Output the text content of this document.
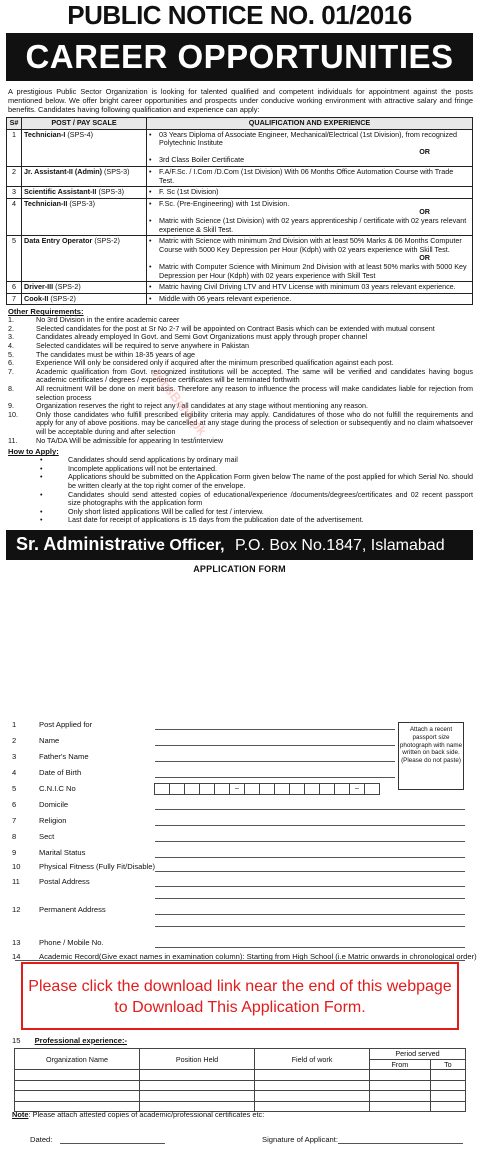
PUBLIC NOTICE NO. 01/2016
CAREER OPPORTUNITIES
A prestigious Public Sector Organization is looking for talented qualified and competent individuals for appointment against the posts mentioned below. We offer bright career opportunities and prospects under conducive working environment with attractive salary and fringe benefits. Candidates having following qualification and experience can apply:
S#	POST / PAY SCALE	QUALIFICATION AND EXPERIENCE
1	Technician-I (SPS-4)	• 03 Years Diploma of Associate Engineer, Mechanical/Electrical (1st Division), from recognized Polytechnic Institute
OR
• 3rd Class Boiler Certificate

2	Jr. Assistant-II (Admin) (SPS-3)	• F.A/F.Sc. / I.Com /D.Com (1st Division) With 06 Months Office Automation Course with Trade Test.

3	Scientific Assistant-II (SPS-3)	• F. Sc (1st Division)

4	Technician-II (SPS-3)	• F.Sc. (Pre-Engineering) with 1st Division.
OR
• Matric with Science (1st Division) with 02 years apprenticeship / certificate with 02 years relevant experience & Skill Test.

5	Data Entry Operator (SPS-2)	• Matric with Science with minimum 2nd Division with at least 50% Marks & 06 Months Computer Course with 5000 Key Depression per Hour (Kdph) with 02 years experience with Skill Test.
OR
• Matric with Computer Science with Minimum 2nd Division with at least 50% marks with 5000 Key Depression per Hour (Kdph) with 02 years experience with Skill Test

6	Driver-III (SPS-2)	• Matric having Civil Driving LTV and HTV License with minimum 03 years relevant experience.

7	Cook-II (SPS-2)	• Middle with 06 years relevant experience.
Other Requirements:
1.	No 3rd Division in the entire academic career
2.	Selected candidates for the post at Sr No 2-7 will be appointed on Contract Basis which can be extended with mutual consent
3.	Candidates already employed In Govt. and Semi Govt Organizations must apply through proper channel
4.	Selected candidates will be required to serve anywhere in Pakistan
5.	The candidates must be within 18-35 years of age
6.	Experience Will only be considered only if acquired after the minimum prescribed qualification against each post.
7.	Academic qualification from Govt. recognized institutions will be accepted. The same will be verified and candidates having bogus academic certificates / degrees / experience certificates will be terminated forthwith
8.	All recruitment Will be done on merit basis. Therefore any reason to influence the process will make candidates liable for rejection from selection process
9.	Organization reserves the right to reject any / all candidates at any stage without mentioning any reason.
10.	Only those candidates who fulfill prescribed eligibility criteria may apply. Candidatures of those who do not fulfill the requirements and apply for any of above positions. may be cancelled at any stage during the process of selection or subsequently and no claim whatsoever will be acceptable during and after selection
11.	No TA/DA Will be admissible for appearing In test/interview
How to Apply:
•	Candidates should send applications by ordinary mail
•	Incomplete applications will not be entertained.
•	Applications should be submitted on the Application Form given below The name of the post applied for which Serial No. should be written clearly at the top right corner of the envelope.
•	Candidates should send attested copies of educational/experience /documents/degrees/certificates and 02 recent passport size photographs with the application form
•	Only short listed applications Will be called for test / interview.
•	Last date for receipt of applications is 15 days from the publication date of the advertisement.
Sr. Administrative Officer, P.O. Box No.1847, Islamabad
APPLICATION FORM
Attach a recent passport size photograph with name written on back side. (Please do not paste)
1	Post Applied for
2	Name
3	Father's Name
4	Date of Birth
5	C.N.I.C No
6	Domicile
7	Religion
8	Sect
9	Marital Status
10	Physical Fitness (Fully Fit/Disable)
11	Postal Address
12	Permanent Address
13	Phone / Mobile No.
14	Academic Record(Give exact names in examination column): Starting from High School (i.e Matric onwards in chronological order)
–	–
Please click the download link near the end of this webpage to Download This Application Form.
15 Professional experience:-
Organization Name	Position Held	Field of work	Period served	
			From	To

Note: Please attach attested copies of academic/professional certificates etc:
Dated:	Signature of Applicant:
JobsBank.pk
